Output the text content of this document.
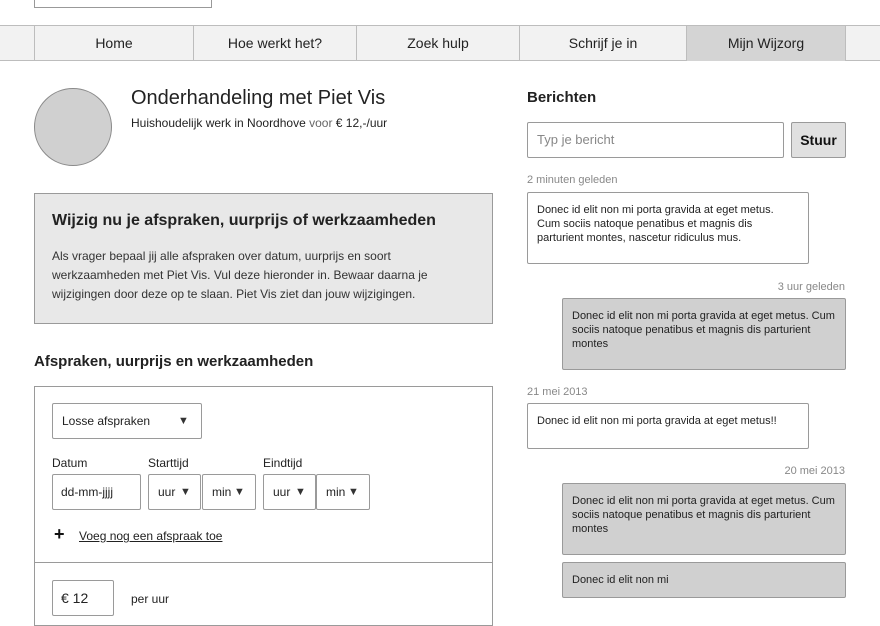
Home	Hoe werkt het?	Zoek hulp	Schrijf je in	Mijn Wijzorg
Onderhandeling met Piet Vis
Huishoudelijk werk in Noordhove voor € 12,-/uur
Wijzig nu je afspraken, uurprijs of werkzaamheden
Als vrager bepaal jij alle afspraken over datum, uurprijs en soort werkzaamheden met Piet Vis. Vul deze hieronder in. Bewaar daarna je wijzigingen door deze op te slaan. Piet Vis ziet dan jouw wijzigingen.
Afspraken, uurprijs en werkzaamheden
Losse afspraken	▼
Datum	Starttijd	Eindtijd
dd-mm-jjjj	uur ▼	min ▼	uur ▼	min ▼
+ Voeg nog een afspraak toe
€ 12	per uur
Berichten
Typ je bericht	Stuur
2 minuten geleden
Donec id elit non mi porta gravida at eget metus. Cum sociis natoque penatibus et magnis dis parturient montes, nascetur ridiculus mus.
3 uur geleden
Donec id elit non mi porta gravida at eget metus. Cum sociis natoque penatibus et magnis dis parturient montes
21 mei 2013
Donec id elit non mi porta gravida at eget metus!!
20 mei 2013
Donec id elit non mi porta gravida at eget metus. Cum sociis natoque penatibus et magnis dis parturient montes
Donec id elit non mi
